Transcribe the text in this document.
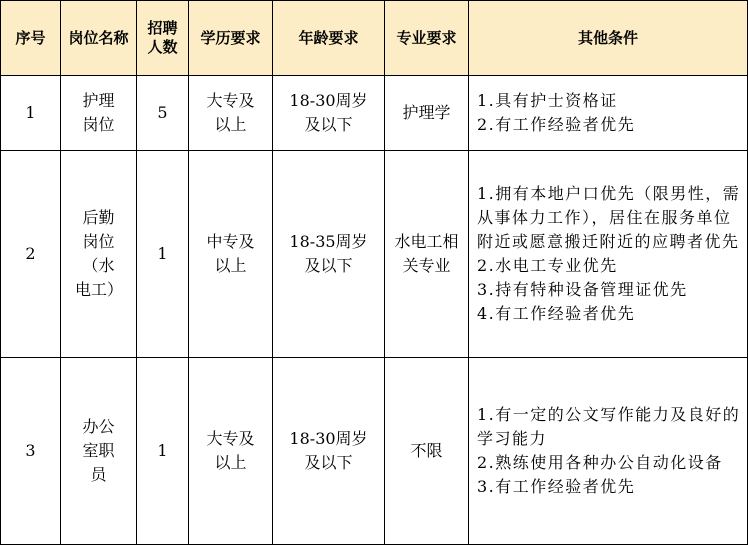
序号	岗位名称	招聘人数	学历要求	年龄要求	专业要求	其他条件
1	护理岗位	5	大专及以上	18-30周岁及以下	护理学	1.具有护士资格证
2.有工作经验者优先

2	后勤岗位（水电工）	1	中专及以上	18-35周岁及以下	水电工相关专业	1.拥有本地户口优先（限男性，需从事体力工作），居住在服务单位附近或愿意搬迁附近的应聘者优先
2.水电工专业优先
3.持有特种设备管理证优先
4.有工作经验者优先

3	办公室职员	1	大专及以上	18-30周岁及以下	不限	1.有一定的公文写作能力及良好的学习能力
2.熟练使用各种办公自动化设备
3.有工作经验者优先
